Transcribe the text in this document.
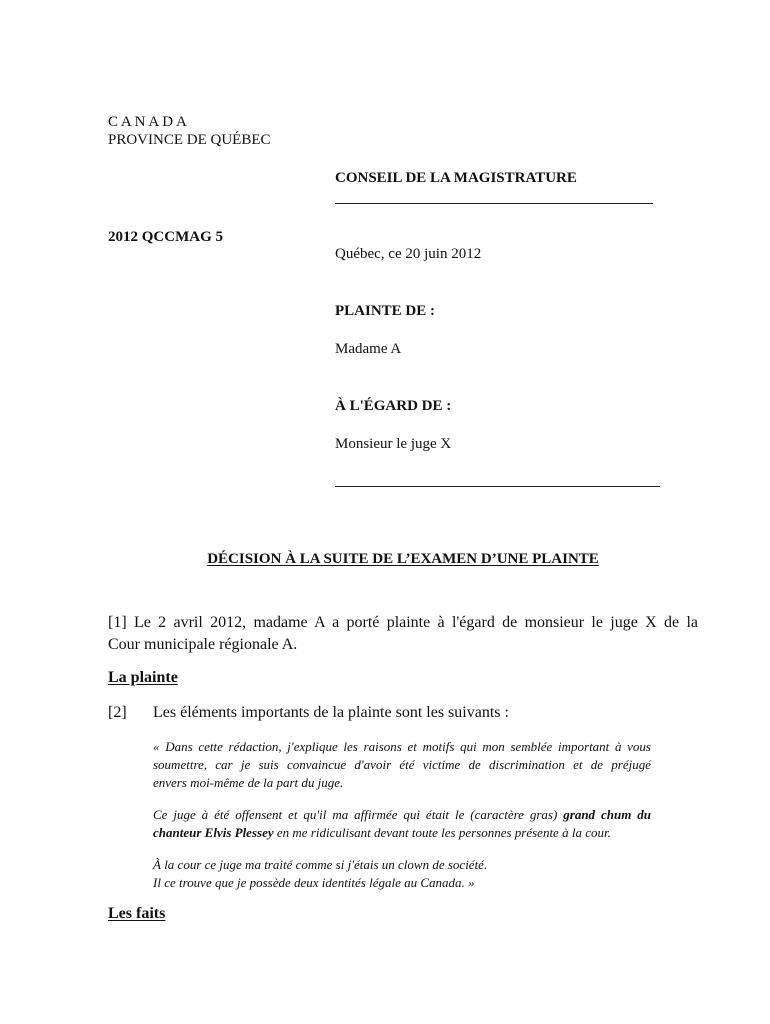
C A N A D A
PROVINCE DE QUÉBEC
CONSEIL DE LA MAGISTRATURE
2012 QCCMAG 5
Québec, ce 20 juin 2012
PLAINTE DE :
Madame A
À L'ÉGARD DE :
Monsieur le juge X
DÉCISION À LA SUITE DE L’EXAMEN D’UNE PLAINTE
[1] Le 2 avril 2012, madame A a porté plainte à l'égard de monsieur le juge X de la
Cour municipale régionale A.
La plainte
[2] Les éléments importants de la plainte sont les suivants :
« Dans cette rédaction, j'explique les raisons et motifs qui mon semblée important à vous
soumettre, car je suis convaincue d'avoir été victime de discrimination et de préjugé
envers moi-même de la part du juge.
Ce juge à été offensent et qu'il ma affirmée qui était le (caractère gras) grand chum du
chanteur Elvis Plessey en me ridiculisant devant toute les personnes présente à la cour.
À la cour ce juge ma traité comme si j'étais un clown de société.
Il ce trouve que je possède deux identités légale au Canada. »
Les faits
